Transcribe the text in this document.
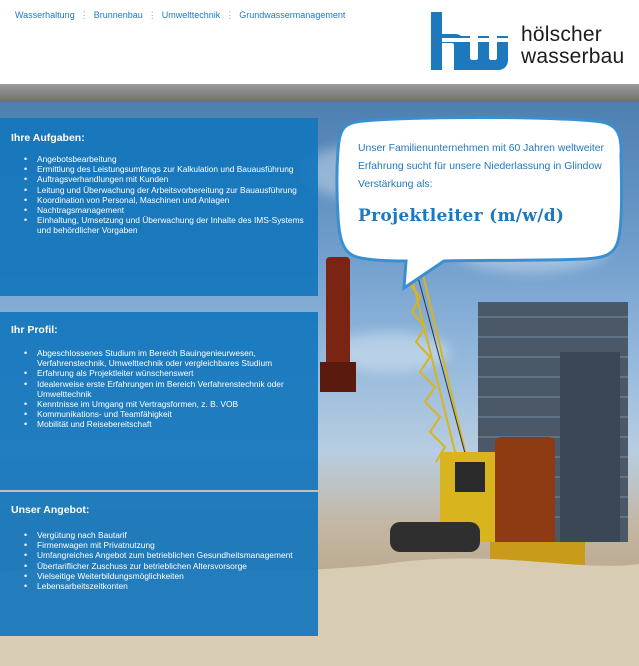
Wasserhaltung ⋮ Brunnenbau ⋮ Umwelttechnik ⋮ Grundwassermanagement
hölscher
wasserbau
Ihre Aufgaben:
• Angebotsbearbeitung
• Ermittlung des Leistungsumfangs zur Kalkulation und Bauausführung
• Auftragsverhandlungen mit Kunden
• Leitung und Überwachung der Arbeitsvorbereitung zur Bauausführung
• Koordination von Personal, Maschinen und Anlagen
• Nachtragsmanagement
• Einhaltung, Umsetzung und Überwachung der Inhalte des IMS-Systems und behördlicher Vorgaben
Ihr Profil:
• Abgeschlossenes Studium im Bereich Bauingenieurwesen, Verfahrenstechnik, Umwelttechnik oder vergleichbares Studium
• Erfahrung als Projektleiter wünschenswert
• Idealerweise erste Erfahrungen im Bereich Verfahrenstechnik oder Umwelttechnik
• Kenntnisse im Umgang mit Vertragsformen, z. B. VOB
• Kommunikations- und Teamfähigkeit
• Mobilität und Reisebereitschaft
Unser Angebot:
• Vergütung nach Bautarif
• Firmenwagen mit Privatnutzung
• Umfangreiches Angebot zum betrieblichen Gesundheitsmanagement
• Übertariflicher Zuschuss zur betrieblichen Altersvorsorge
• Vielseitige Weiterbildungsmöglichkeiten
• Lebensarbeitszeitkonten
Unser Familienunternehmen mit 60 Jahren weltweiter Erfahrung sucht für unsere Niederlassung in Glindow Verstärkung als:
Projektleiter (m/w/d)
